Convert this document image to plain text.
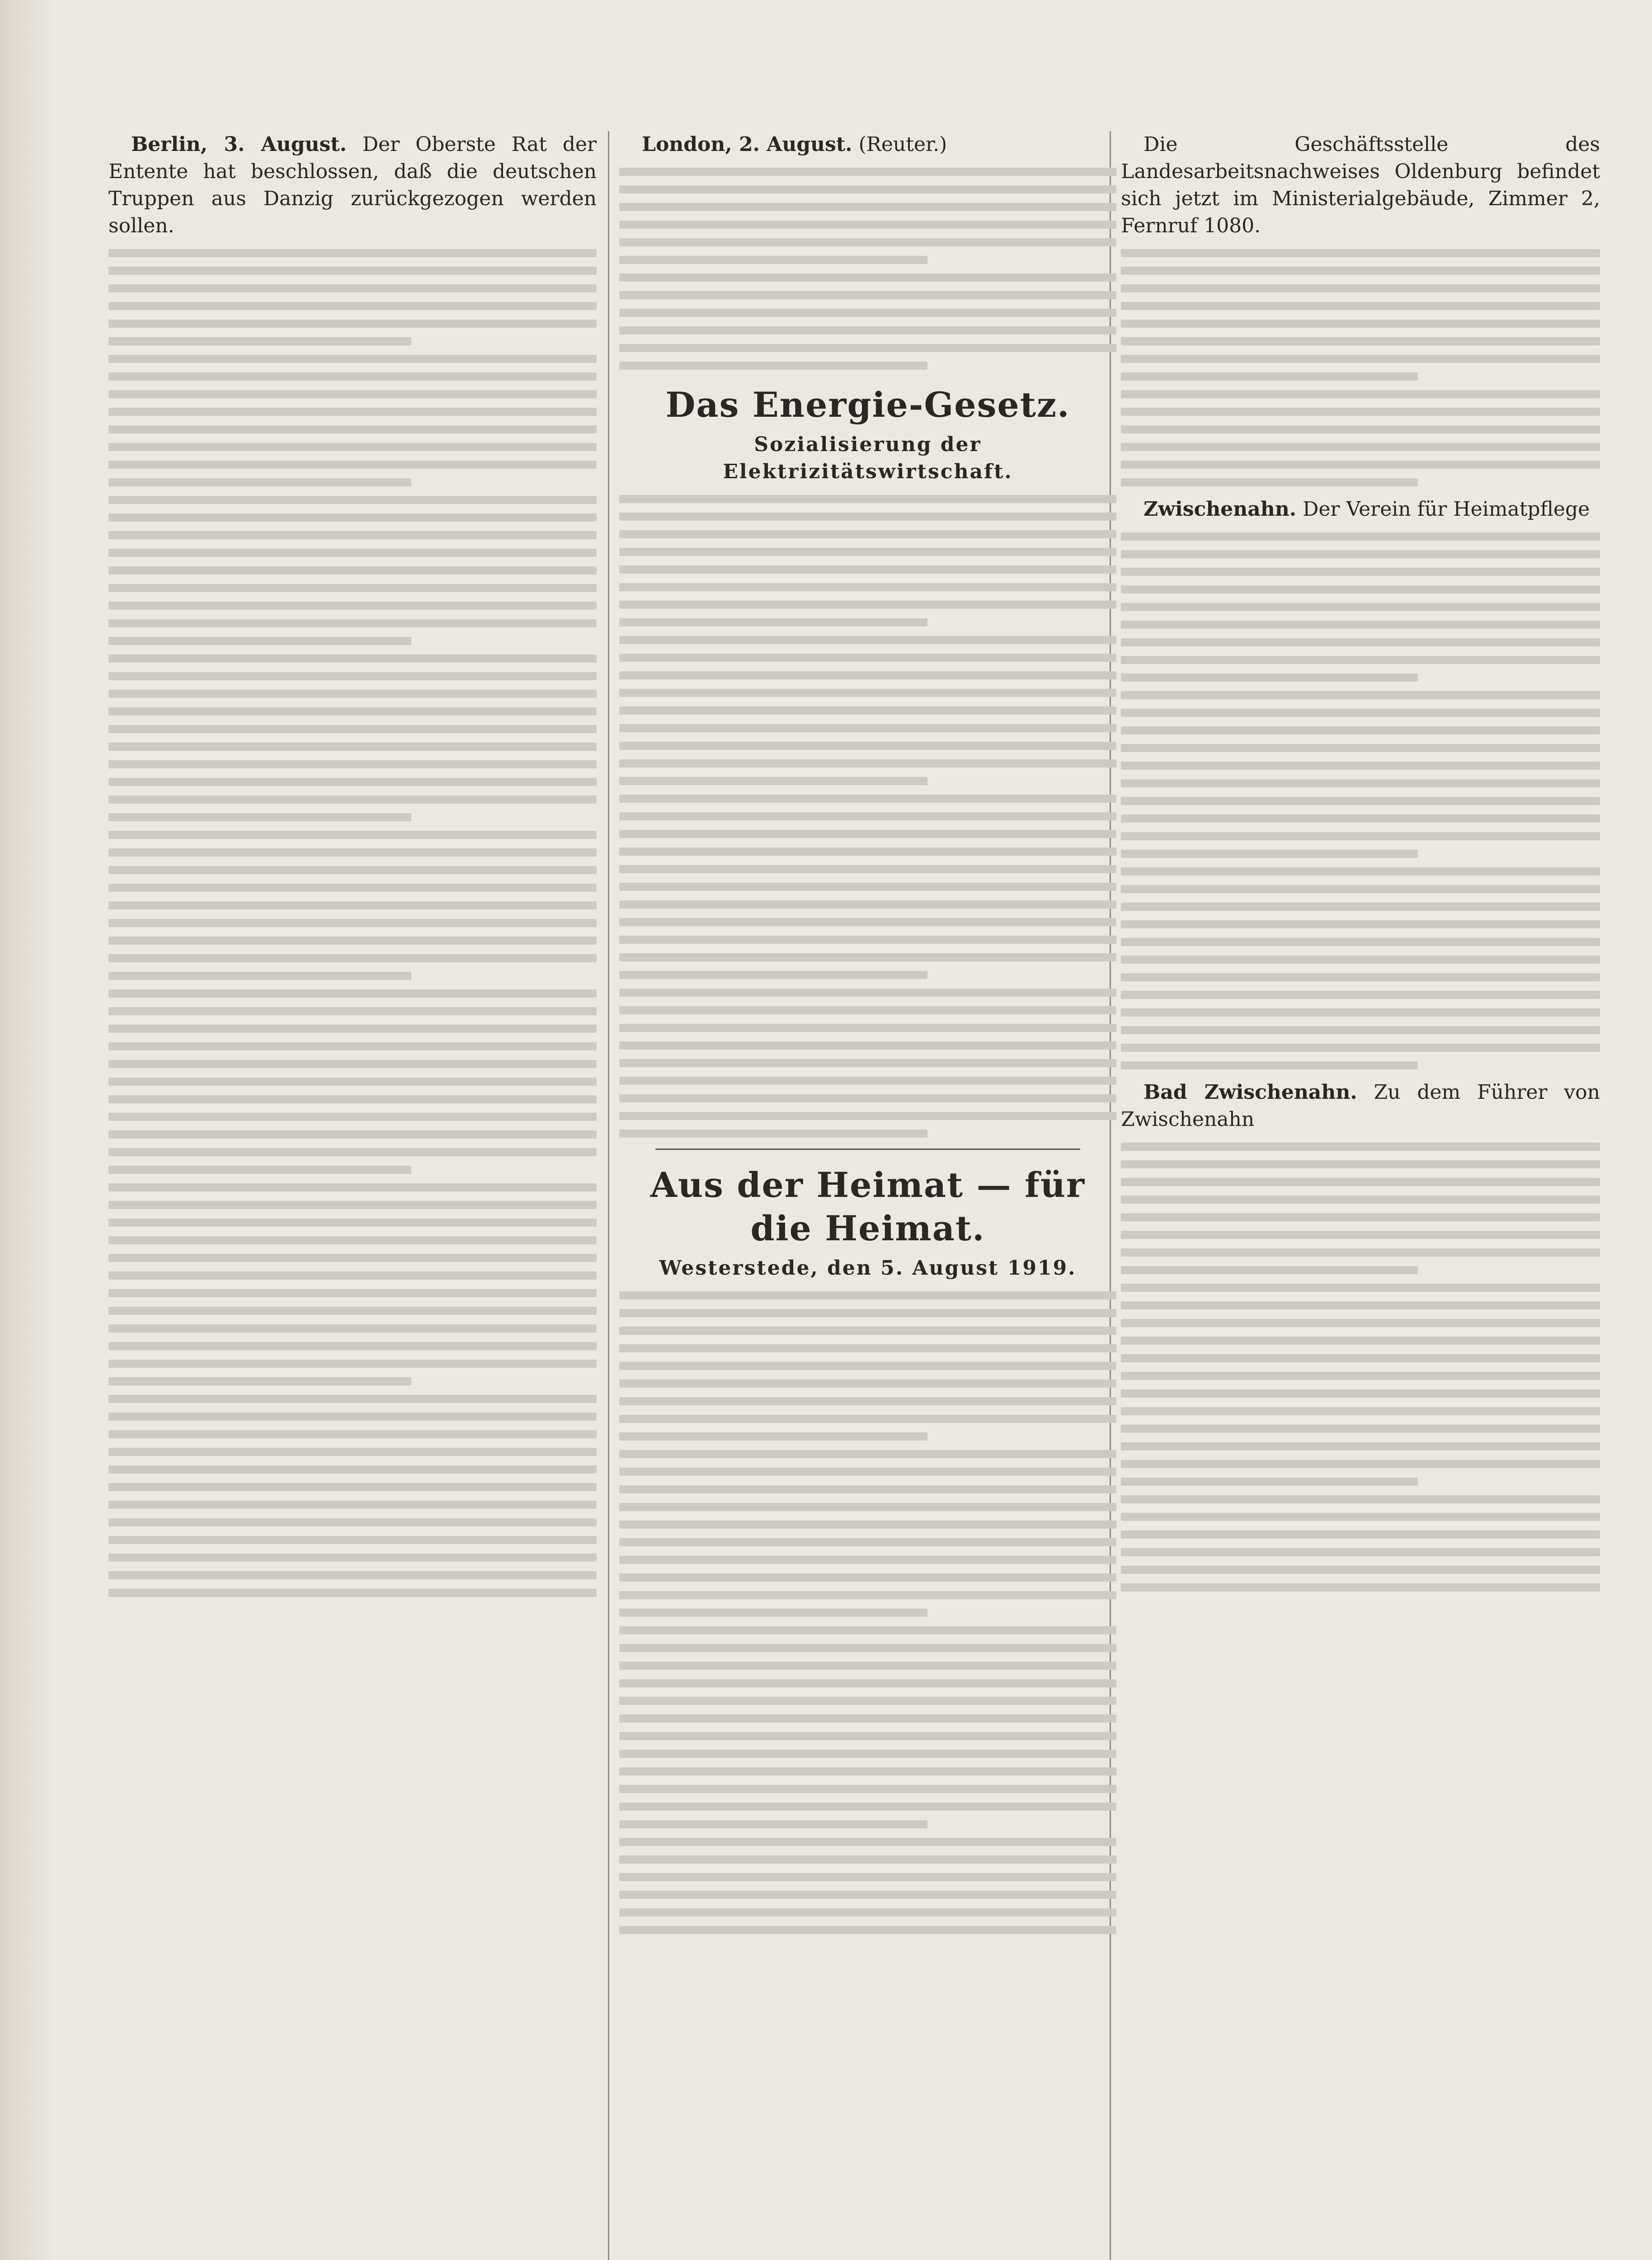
Berlin, 3. August. Der Oberste Rat der Entente hat beschlossen, daß die deutschen Truppen aus Danzig zurückgezogen werden sollen.

London, 2. August. (Reuter.)

Das Energie-Gesetz.
Sozialisierung der Elektrizitätswirtschaft.
Aus der Heimat — für die Heimat.
Westerstede, den 5. August 1919.

Die Geschäftsstelle des Landesarbeitsnachweises Oldenburg befindet sich jetzt im Ministerialgebäude, Zimmer 2, Fernruf 1080.

Zwischenahn. Der Verein für Heimatpflege

Bad Zwischenahn. Zu dem Führer von Zwischenahn
